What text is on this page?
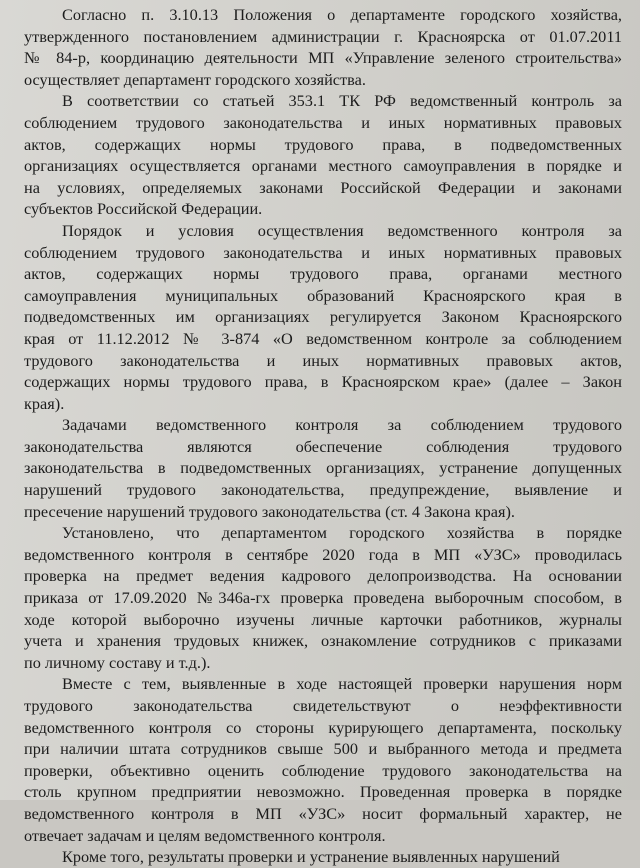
Согласно п. 3.10.13 Положения о департаменте городского хозяйства,
утвержденного постановлением администрации г. Красноярска от 01.07.2011
№ 84-р, координацию деятельности МП «Управление зеленого строительства»
осуществляет департамент городского хозяйства.

В соответствии со статьей 353.1 ТК РФ ведомственный контроль за
соблюдением трудового законодательства и иных нормативных правовых
актов, содержащих нормы трудового права, в подведомственных
организациях осуществляется органами местного самоуправления в порядке и
на условиях, определяемых законами Российской Федерации и законами
субъектов Российской Федерации.

Порядок и условия осуществления ведомственного контроля за
соблюдением трудового законодательства и иных нормативных правовых
актов, содержащих нормы трудового права, органами местного
самоуправления муниципальных образований Красноярского края в
подведомственных им организациях регулируется Законом Красноярского
края от 11.12.2012 № 3-874 «О ведомственном контроле за соблюдением
трудового законодательства и иных нормативных правовых актов,
содержащих нормы трудового права, в Красноярском крае» (далее – Закон
края).

Задачами ведомственного контроля за соблюдением трудового
законодательства являются обеспечение соблюдения трудового
законодательства в подведомственных организациях, устранение допущенных
нарушений трудового законодательства, предупреждение, выявление и
пресечение нарушений трудового законодательства (ст. 4 Закона края).

Установлено, что департаментом городского хозяйства в порядке
ведомственного контроля в сентябре 2020 года в МП «УЗС» проводилась
проверка на предмет ведения кадрового делопроизводства. На основании
приказа от 17.09.2020 №346а-гх проверка проведена выборочным способом, в
ходе которой выборочно изучены личные карточки работников, журналы
учета и хранения трудовых книжек, ознакомление сотрудников с приказами
по личному составу и т.д.).

Вместе с тем, выявленные в ходе настоящей проверки нарушения норм
трудового законодательства свидетельствуют о неэффективности
ведомственного контроля со стороны курирующего департамента, поскольку
при наличии штата сотрудников свыше 500 и выбранного метода и предмета
проверки, объективно оценить соблюдение трудового законодательства на
столь крупном предприятии невозможно. Проведенная проверка в порядке
ведомственного контроля в МП «УЗС» носит формальный характер, не
отвечает задачам и целям ведомственного контроля.

Кроме того, результаты проверки и устранение выявленных нарушений
